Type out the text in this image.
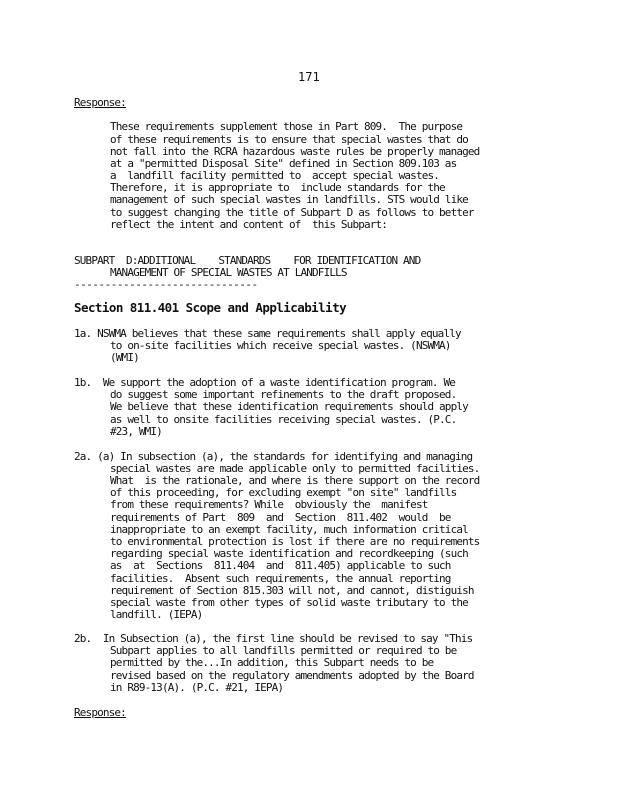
171
Response:
These requirements supplement those in Part 809.  The purpose
of these requirements is to ensure that special wastes that do
not fall into the RCRA hazardous waste rules be properly managed
at a "permitted Disposal Site" defined in Section 809.103 as
a  landfill facility permitted to  accept special wastes.
Therefore, it is appropriate to  include standards for the
management of such special wastes in landfills. STS would like
to suggest changing the title of Subpart D as follows to better
reflect the intent and content of  this Subpart:
SUBPART  D:ADDITIONAL    STANDARDS    FOR IDENTIFICATION AND
MANAGEMENT OF SPECIAL WASTES AT LANDFILLS
------------------------------
Section 811.401 Scope and Applicability
1a. NSWMA believes that these same requirements shall apply equally
to on-site facilities which receive special wastes. (NSWMA)
(WMI)
1b.  We support the adoption of a waste identification program. We
do suggest some important refinements to the draft proposed.
We believe that these identification requirements should apply
as well to onsite facilities receiving special wastes. (P.C.
#23, WMI)
2a. (a) In subsection (a), the standards for identifying and managing
special wastes are made applicable only to permitted facilities.
What  is the rationale, and where is there support on the record
of this proceeding, for excluding exempt "on site" landfills
from these requirements? While  obviously the  manifest
requirements of Part  809  and  Section  811.402  would  be
inappropriate to an exempt facility, much information critical
to environmental protection is lost if there are no requirements
regarding special waste identification and recordkeeping (such
as  at  Sections  811.404  and  811.405) applicable to such
facilities.  Absent such requirements, the annual reporting
requirement of Section 815.303 will not, and cannot, distiguish
special waste from other types of solid waste tributary to the
landfill. (IEPA)
2b.  In Subsection (a), the first line should be revised to say "This
Subpart applies to all landfills permitted or required to be
permitted by the...In addition, this Subpart needs to be
revised based on the regulatory amendments adopted by the Board
in R89-13(A). (P.C. #21, IEPA)
Response:
